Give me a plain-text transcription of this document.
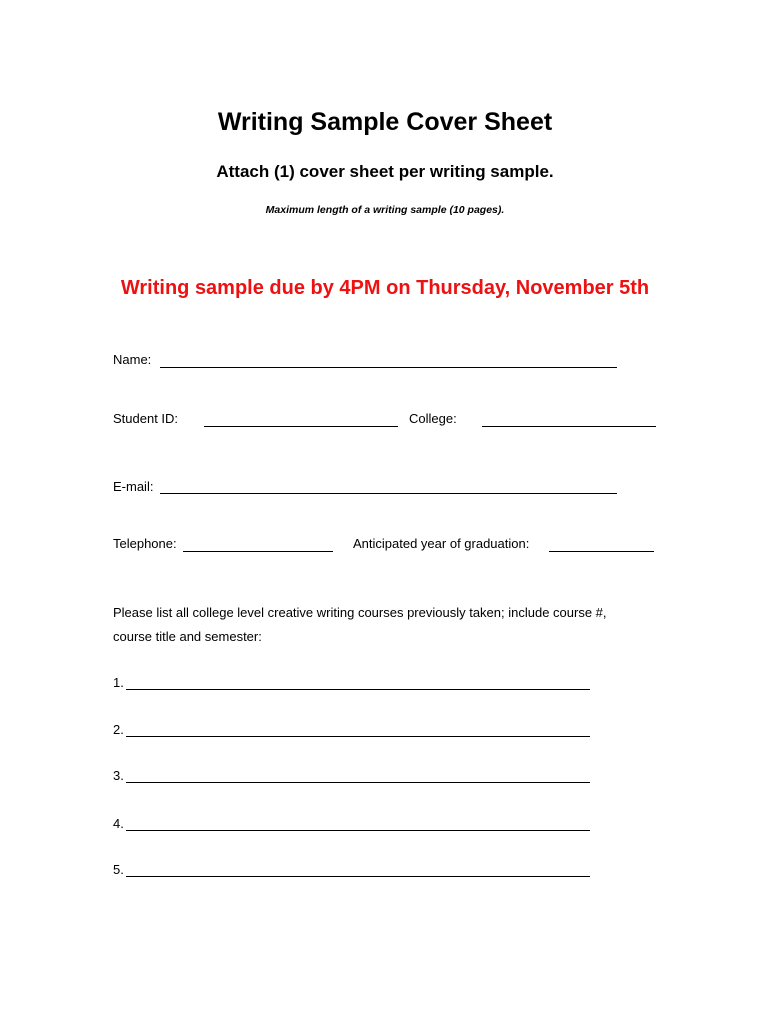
Writing Sample Cover Sheet
Attach (1) cover sheet per writing sample.
Maximum length of a writing sample (10 pages).
Writing sample due by 4PM on Thursday, November 5th
Name:
Student ID:	College:
E-mail:
Telephone:	Anticipated year of graduation:
Please list all college level creative writing courses previously taken; include course #,
course title and semester:
1.
2.
3.
4.
5.
